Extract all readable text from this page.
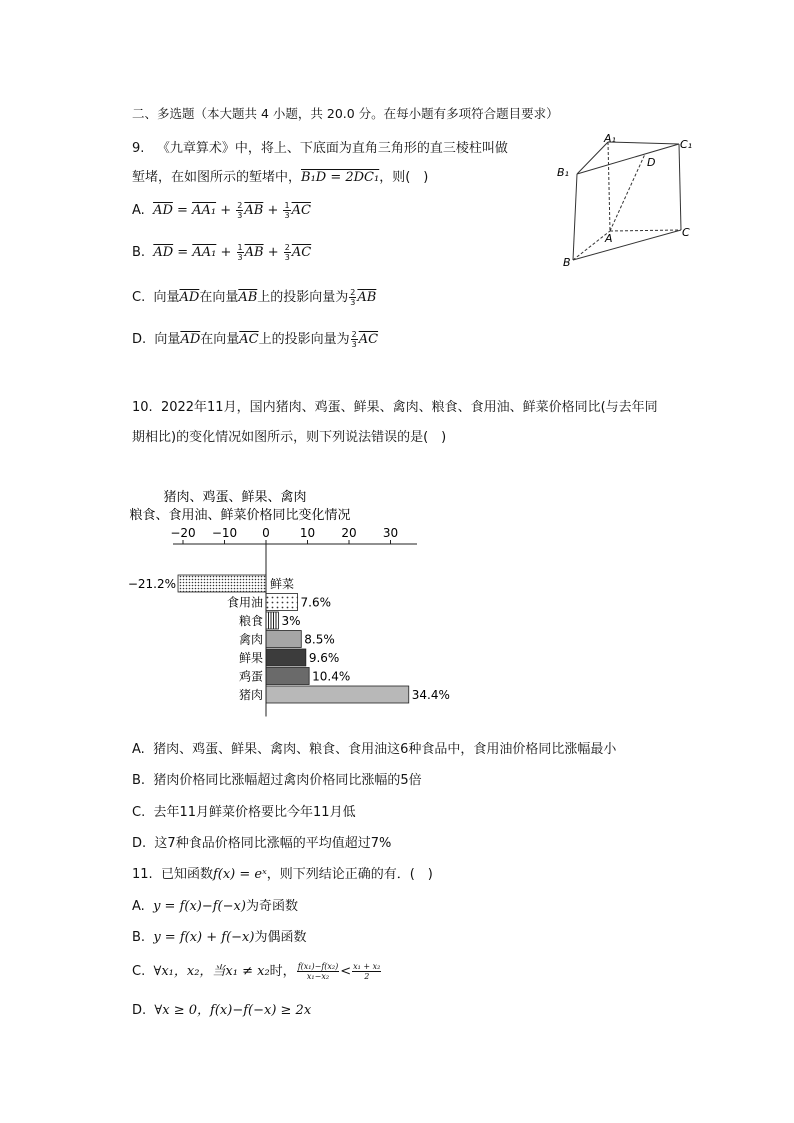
二、多选题（本大题共 4 小题，共 20.0 分。在每小题有多项符合题目要求）
9. 《九章算术》中，将上、下底面为直角三角形的直三棱柱叫做
堑堵，在如图所示的堑堵中，B₁D = 2DC₁，则(　)
A. $\overline{AD} = AA_1 + \frac{2}{3} \overline{AB} + \frac{1}{3} \overline{AC}$
B. $\overline{AD} = AA_1 + \frac{1}{3} \overline{AB} + \frac{2}{3} \overline{AC}$
C. 向量$\overline{AD}$在向量$\overline{AB}$上的投影向量为 $\frac{2}{3} \overline{AB}$
D. 向量$\overline{AD}$在向量$\overline{AC}$上的投影向量为 $\frac{2}{3} \overline{AC}$
A₁	C₁
B₁
D
A	C
B
10. 2022年11月，国内猪肉、鸡蛋、鲜果、禽肉、粮食、食用油、鲜菜价格同比(与去年同
期相比)的变化情况如图所示，则下列说法错误的是(　)
猪肉、鸡蛋、鲜果、禽肉
粮食、食用油、鲜菜价格同比变化情况
−20 −10 0	10 20 30
鲜菜
−21.2%
食用油	7.6%
粮食 3%
禽肉	8.5%
鲜果	9.6%
鸡蛋	10.4%
猪肉	34.4%
A. 猪肉、鸡蛋、鲜果、禽肉、粮食、食用油这6种食品中，食用油价格同比涨幅最小
B. 猪肉价格同比涨幅超过禽肉价格同比涨幅的5倍
C. 去年11月鲜菜价格要比今年11月低
D. 这7种食品价格同比涨幅的平均值超过7%
11. 已知函数f(x) = eˣ，则下列结论正确的有．(　)
A. y = f(x)−f(−x)为奇函数
B. y = f(x) + f(−x)为偶函数
C. ∀x₁，x₂，当x₁ ≠ x₂时， $\frac{\text{f(x₁)−f(x₂)}}{\text{x₁−x₂}} < \frac{\text{x₁ + x₂}}{2}$
D. ∀x ≥ 0，f(x)−f(−x) ≥ 2x
